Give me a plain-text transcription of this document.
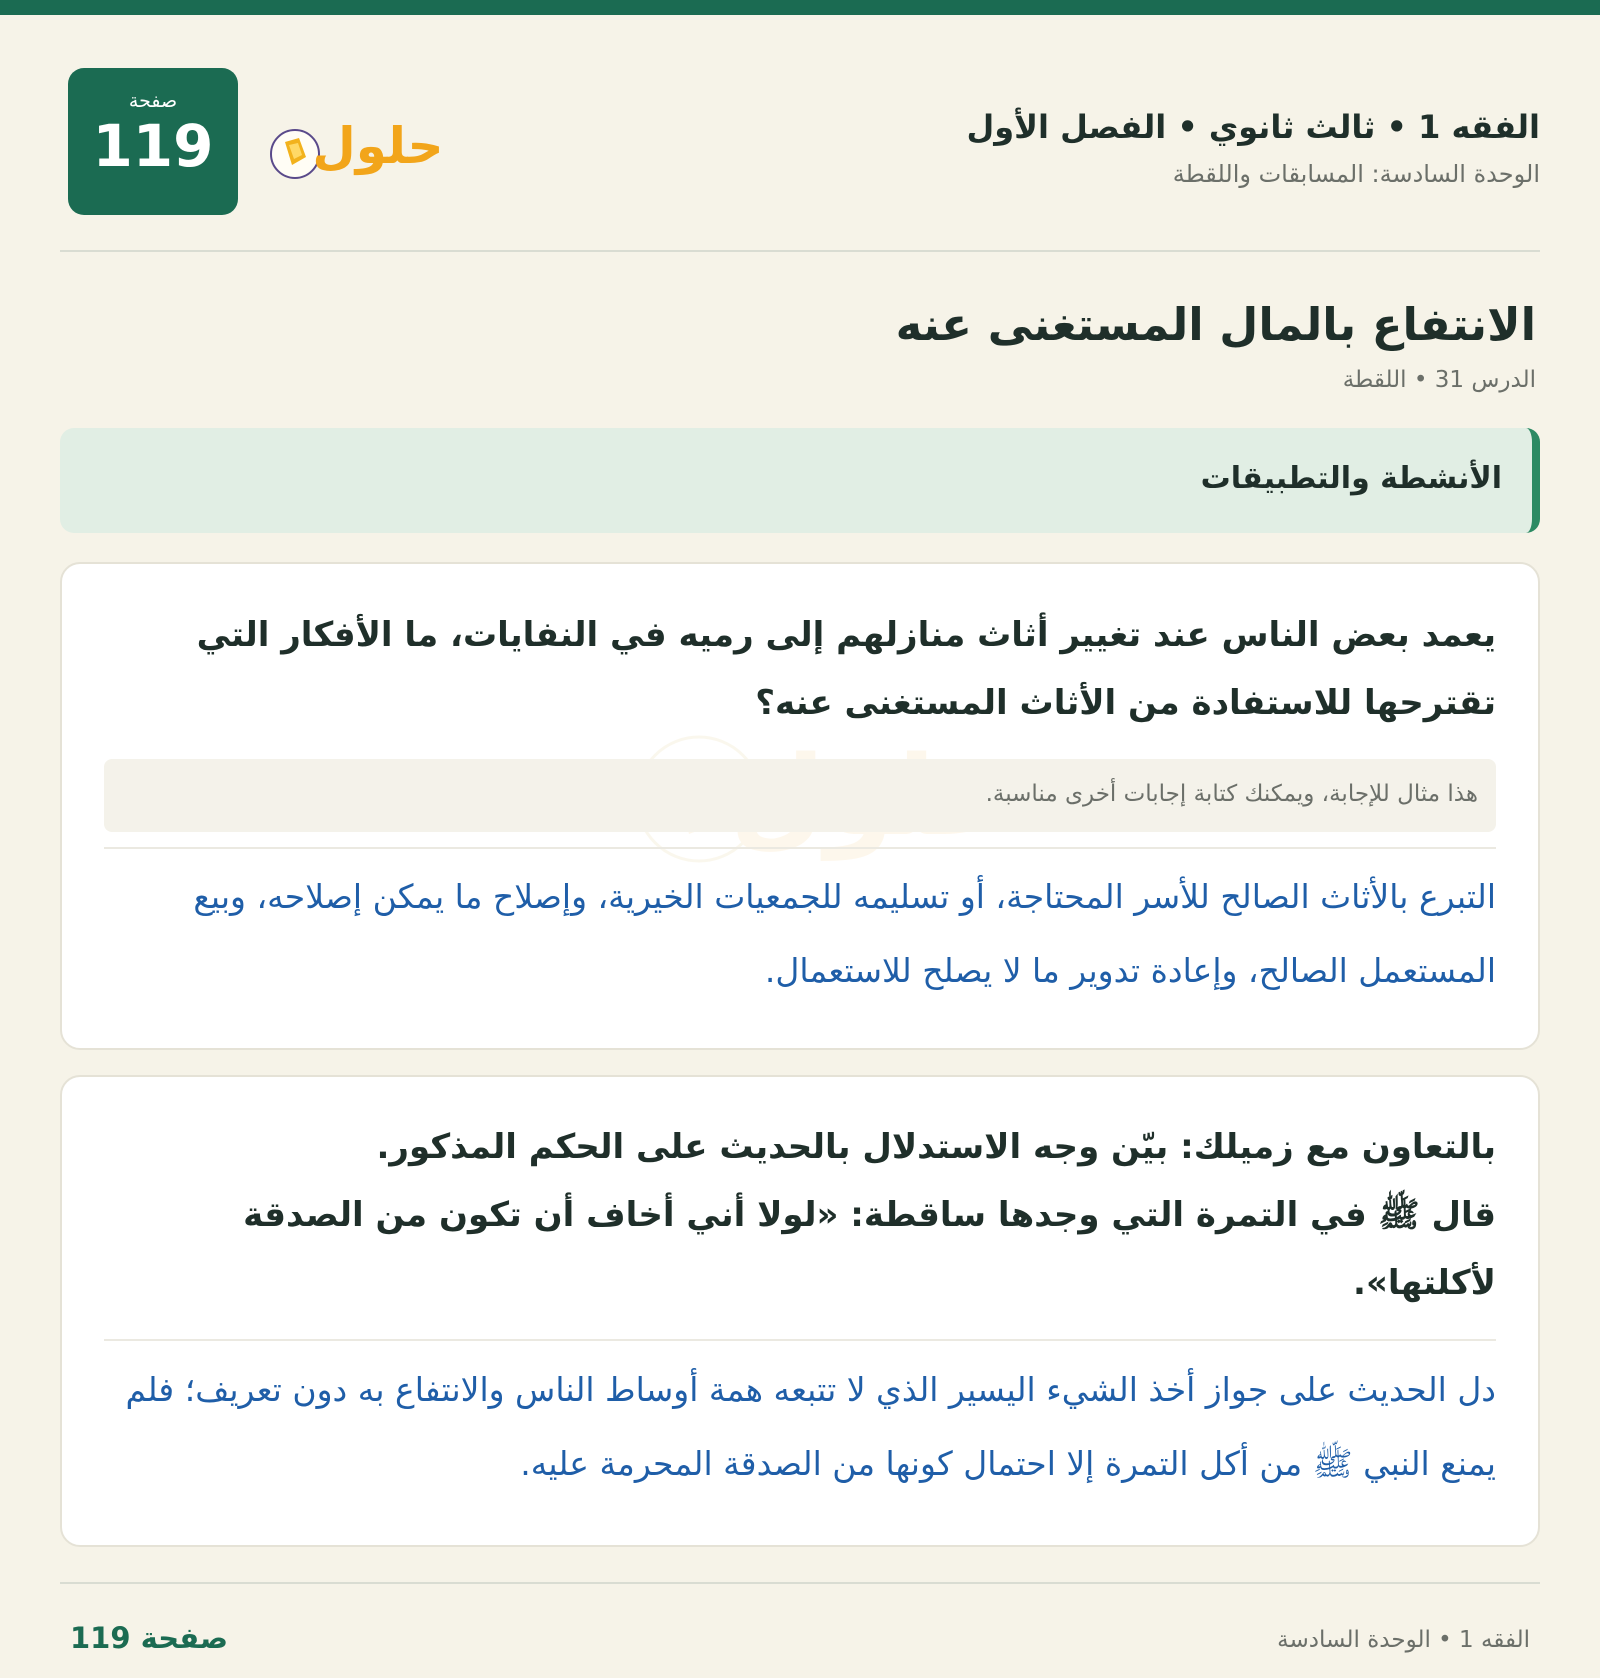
الفقه 1 • ثالث ثانوي • الفصل الأول
الوحدة السادسة: المسابقات واللقطة
حلول
صفحة
119
الانتفاع بالمال المستغنى عنه
الدرس 31 • اللقطة
الأنشطة والتطبيقات
يعمد بعض الناس عند تغيير أثاث منازلهم إلى رميه في النفايات، ما الأفكار التي تقترحها للاستفادة من الأثاث المستغنى عنه؟
هذا مثال للإجابة، ويمكنك كتابة إجابات أخرى مناسبة.
التبرع بالأثاث الصالح للأسر المحتاجة، أو تسليمه للجمعيات الخيرية، وإصلاح ما يمكن إصلاحه، وبيع المستعمل الصالح، وإعادة تدوير ما لا يصلح للاستعمال.
بالتعاون مع زميلك: بيّن وجه الاستدلال بالحديث على الحكم المذكور.
قال ﷺ في التمرة التي وجدها ساقطة: «لولا أني أخاف أن تكون من الصدقة لأكلتها».
دل الحديث على جواز أخذ الشيء اليسير الذي لا تتبعه همة أوساط الناس والانتفاع به دون تعريف؛ فلم يمنع النبي ﷺ من أكل التمرة إلا احتمال كونها من الصدقة المحرمة عليه.
الفقه 1 • الوحدة السادسة
صفحة 119
